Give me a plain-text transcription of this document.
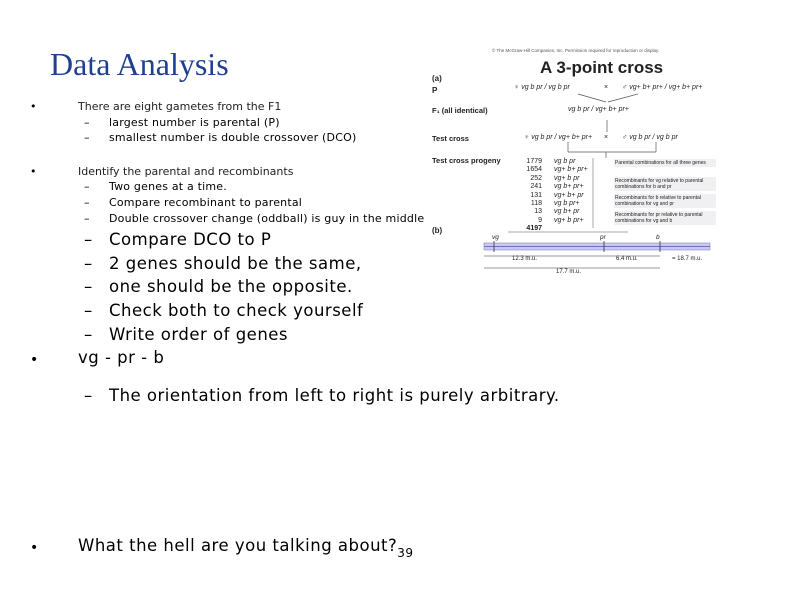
Data Analysis
•	There are eight gametes from the F1
– largest number is parental (P)
– smallest number is double crossover (DCO)
•	Identify the parental and recombinants
– Two genes at a time.
– Compare recombinant to parental
– Double crossover change (oddball) is guy in the middle
– Compare DCO to P
– 2 genes should be the same,
– one should be the opposite.
– Check both to check yourself
– Write order of genes
• vg - pr - b
– The orientation from left to right is purely arbitrary.
• What the hell are you talking $about?_{39}$
© The McGraw-Hill Companies, Inc. Permission required for reproduction or display.
A 3-point cross
(a)
P	♀ vg b pr / vg b pr	× ♂ vg+ b+ pr+ / vg+ b+ pr+
F₁ (all identical)	vg b pr / vg+ b+ pr+
Test cross	♀ vg b pr / vg+ b+ pr+ × ♂ vg b pr / vg b pr
Test cross progeny	1779 vg b pr
1654 vg+ b+ pr+
252 vg+ b pr
241 vg b+ pr+
131 vg+ b+ pr
118 vg b pr+
13 vg b+ pr
9 vg+ b pr+
4197
Parental combinations for all three genes
Recombinants for vg relative to parental combinations for b and pr
Recombinants for b relative to parental combinations for vg and pr
Recombinants for pr relative to parental combinations for vg and b
(b)
vg	pr	b
12.3 m.u.	6.4 m.u.	= 18.7 m.u.
17.7 m.u.
